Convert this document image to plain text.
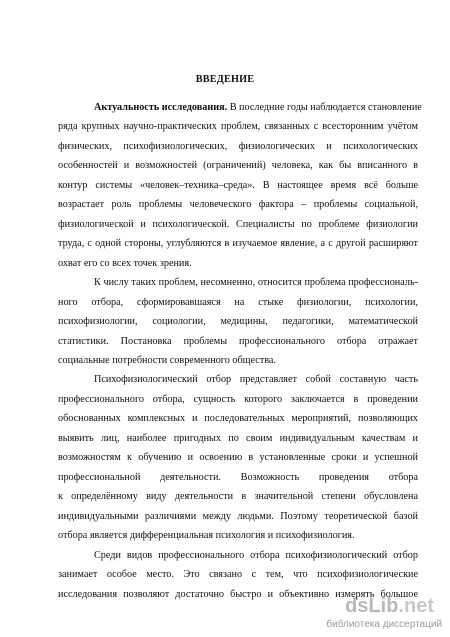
ВВЕДЕНИЕ
Актуальность исследования. В последние годы наблюдается становление
ряда крупных научно-практических проблем, связанных с всесторонним учётом
физических, психофизиологических, физиологических и психологических
особенностей и возможностей (ограничений) человека, как бы вписанного в
контур системы «человек–техника–среда». В настоящее время всё больше
возрастает роль проблемы человеческого фактора – проблемы социальной,
физиологической и психологической. Специалисты по проблеме физиологии
труда, с одной стороны, углубляются в изучаемое явление, а с другой расширяют
охват его со всех точек зрения.
К числу таких проблем, несомненно, относится проблема профессиональ-
ного отбора, сформировавшаяся на стыке физиологии, психологии,
психофизиологии, социологии, медицины, педагогики, математической
статистики. Постановка проблемы профессионального отбора отражает
социальные потребности современного общества.
Психофизиологический отбор представляет собой составную часть
профессионального отбора, сущность которого заключается в проведении
обоснованных комплексных и последовательных мероприятий, позволяющих
выявить лиц, наиболее пригодных по своим индивидуальным качествам и
возможностям к обучению и освоению в установленные сроки и успешной
профессиональной деятельности. Возможность проведения отбора
к определённому виду деятельности в значительной степени обусловлена
индивидуальными различиями между людьми. Поэтому теоретической базой
отбора является дифференциальная психология и психофизиология.
Среди видов профессионального отбора психофизиологический отбор
занимает особое место. Это связано с тем, что психофизиологические
исследования позволяют достаточно быстро и объективно измерять большое
dsLib.net
библиотека диссертаций
